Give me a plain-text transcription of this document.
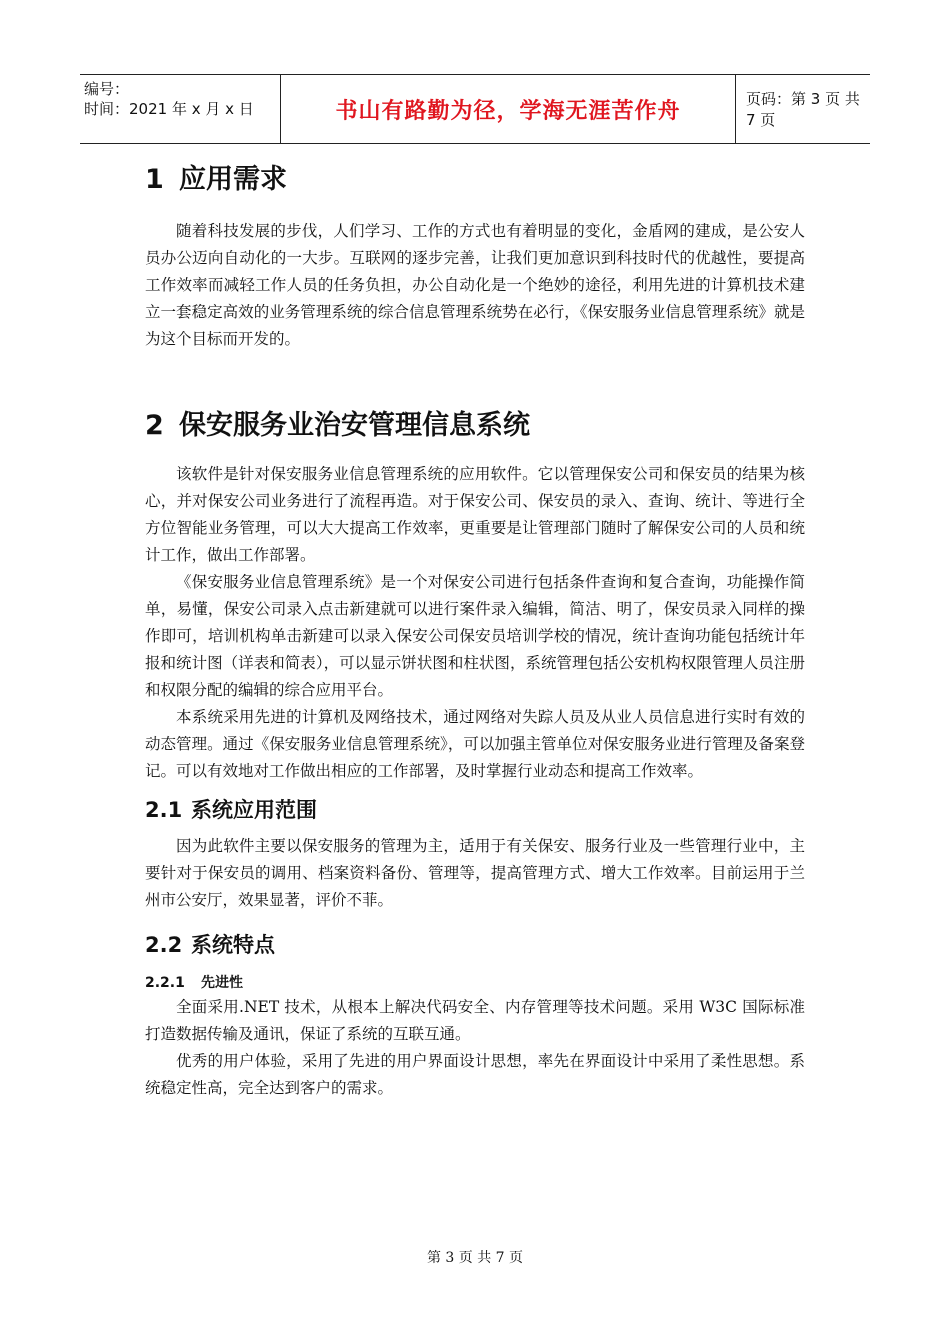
编号：
时间：2021 年 x 月 x 日	书山有路勤为径，学海无涯苦作舟	页码：第 3 页 共 7 页
1 应用需求

随着科技发展的步伐，人们学习、工作的方式也有着明显的变化，金盾网的建成，是公安人员办公迈向自动化的一大步。互联网的逐步完善，让我们更加意识到科技时代的优越性，要提高工作效率而减轻工作人员的任务负担，办公自动化是一个绝妙的途径，利用先进的计算机技术建立一套稳定高效的业务管理系统的综合信息管理系统势在必行，《保安服务业信息管理系统》就是为这个目标而开发的。

2 保安服务业治安管理信息系统

该软件是针对保安服务业信息管理系统的应用软件。它以管理保安公司和保安员的结果为核心，并对保安公司业务进行了流程再造。对于保安公司、保安员的录入、查询、统计、等进行全方位智能业务管理，可以大大提高工作效率，更重要是让管理部门随时了解保安公司的人员和统计工作，做出工作部署。

《保安服务业信息管理系统》是一个对保安公司进行包括条件查询和复合查询，功能操作简单，易懂，保安公司录入点击新建就可以进行案件录入编辑，简洁、明了，保安员录入同样的操作即可，培训机构单击新建可以录入保安公司保安员培训学校的情况，统计查询功能包括统计年报和统计图（详表和简表），可以显示饼状图和柱状图，系统管理包括公安机构权限管理人员注册和权限分配的编辑的综合应用平台。

本系统采用先进的计算机及网络技术，通过网络对失踪人员及从业人员信息进行实时有效的动态管理。通过《保安服务业信息管理系统》，可以加强主管单位对保安服务业进行管理及备案登记。可以有效地对工作做出相应的工作部署，及时掌握行业动态和提高工作效率。

2.1 系统应用范围

因为此软件主要以保安服务的管理为主，适用于有关保安、服务行业及一些管理行业中，主要针对于保安员的调用、档案资料备份、管理等，提高管理方式、增大工作效率。目前运用于兰州市公安厅，效果显著，评价不菲。

2.2 系统特点
2.2.1 先进性

全面采用.NET 技术，从根本上解决代码安全、内存管理等技术问题。采用 W3C 国际标准打造数据传输及通讯，保证了系统的互联互通。

优秀的用户体验，采用了先进的用户界面设计思想，率先在界面设计中采用了柔性思想。系统稳定性高，完全达到客户的需求。

第 3 页 共 7 页
